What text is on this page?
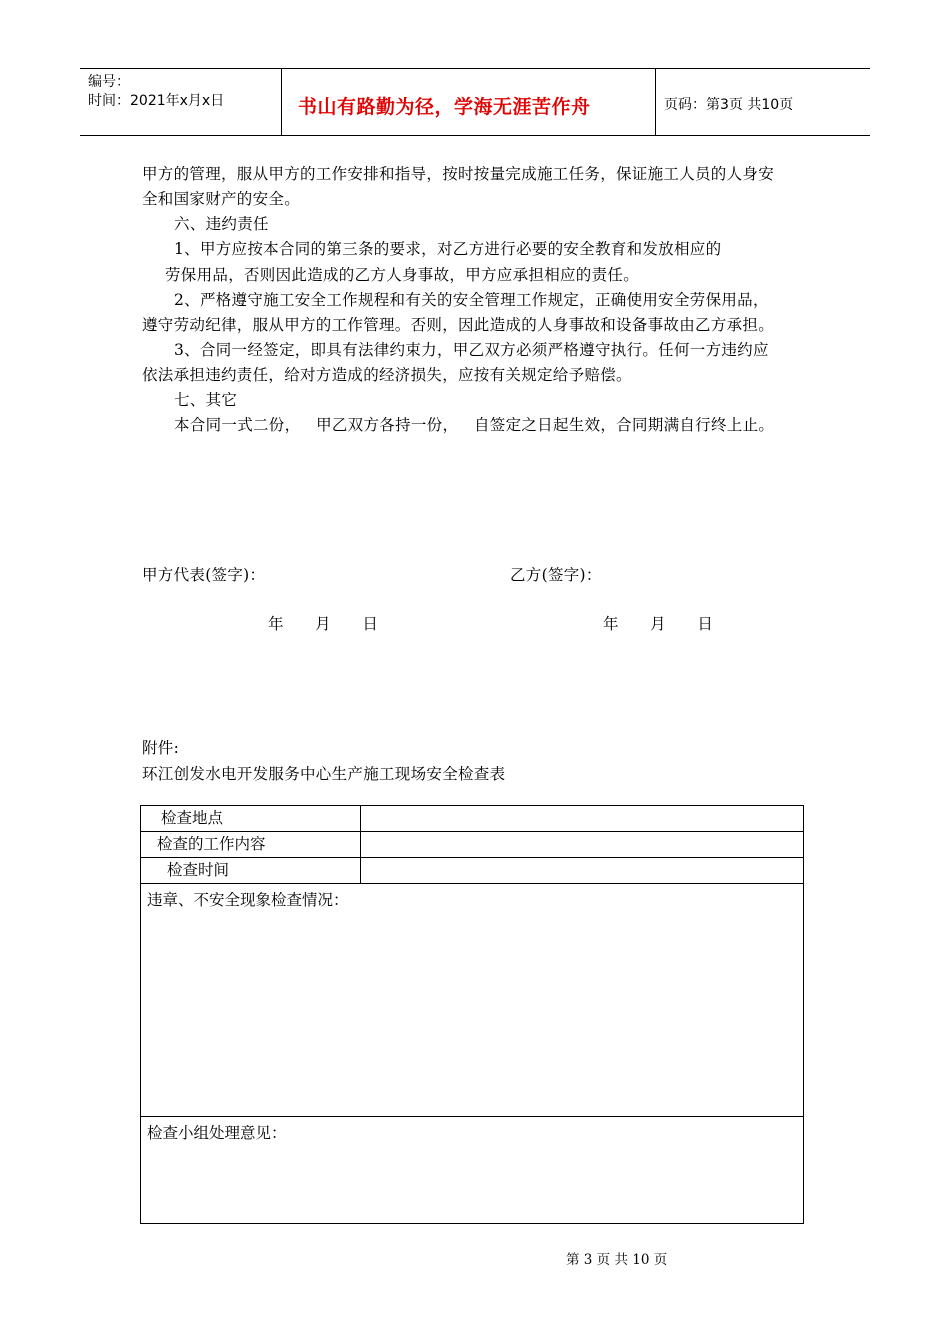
编号：
时间：2021年x月x日	书山有路勤为径，学海无涯苦作舟	页码：第3页 共10页
甲方的管理，服从甲方的工作安排和指导，按时按量完成施工任务，保证施工人员的人身安
全和国家财产的安全。
六、违约责任
1、甲方应按本合同的第三条的要求，对乙方进行必要的安全教育和发放相应的
劳保用品，否则因此造成的乙方人身事故，甲方应承担相应的责任。
2、严格遵守施工安全工作规程和有关的安全管理工作规定，正确使用安全劳保用品，
遵守劳动纪律，服从甲方的工作管理。否则，因此造成的人身事故和设备事故由乙方承担。
3、合同一经签定，即具有法律约束力，甲乙双方必须严格遵守执行。任何一方违约应
依法承担违约责任，给对方造成的经济损失，应按有关规定给予赔偿。
七、其它
本合同一式二份，   甲乙双方各持一份，   自签定之日起生效，合同期满自行终上止。
甲方代表(签字)：	乙方(签字)：
年      月      日	年      月      日
附件:
环江创发水电开发服务中心生产施工现场安全检查表
检查地点	
检查的工作内容	
检查时间	
违章、不安全现象检查情况：	
检查小组处理意见：	
第 3 页 共 10 页
